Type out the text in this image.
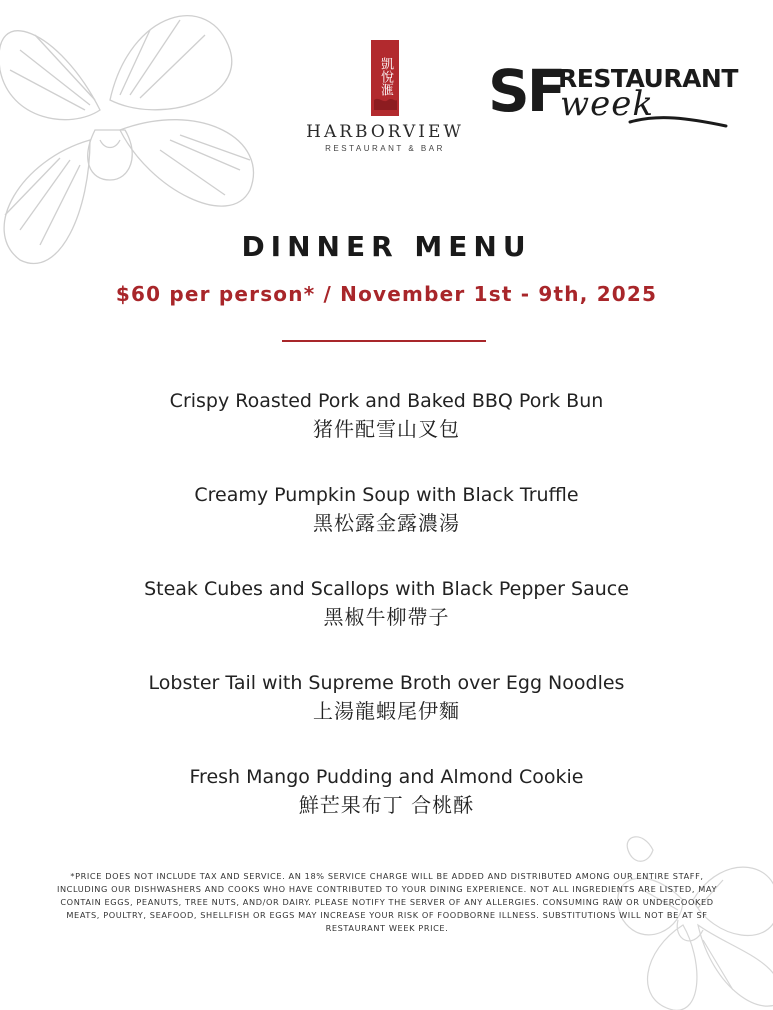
凱悅滙
HARBORVIEW
RESTAURANT & BAR
SF
RESTAURANT
week
DINNER MENU
$60 per person* / November 1st - 9th, 2025
Crispy Roasted Pork and Baked BBQ Pork Bun
猪件配雪山叉包
Creamy Pumpkin Soup with Black Truffle
黑松露金露濃湯
Steak Cubes and Scallops with Black Pepper Sauce
黑椒牛柳帶子
Lobster Tail with Supreme Broth over Egg Noodles
上湯龍蝦尾伊麵
Fresh Mango Pudding and Almond Cookie
鮮芒果布丁 合桃酥
*PRICE DOES NOT INCLUDE TAX AND SERVICE. AN 18% SERVICE CHARGE WILL BE ADDED AND DISTRIBUTED AMONG OUR ENTIRE STAFF, INCLUDING OUR DISHWASHERS AND COOKS WHO HAVE CONTRIBUTED TO YOUR DINING EXPERIENCE. NOT ALL INGREDIENTS ARE LISTED, MAY CONTAIN EGGS, PEANUTS, TREE NUTS, AND/OR DAIRY. PLEASE NOTIFY THE SERVER OF ANY ALLERGIES. CONSUMING RAW OR UNDERCOOKED MEATS, POULTRY, SEAFOOD, SHELLFISH OR EGGS MAY INCREASE YOUR RISK OF FOODBORNE ILLNESS. SUBSTITUTIONS WILL NOT BE AT SF RESTAURANT WEEK PRICE.
